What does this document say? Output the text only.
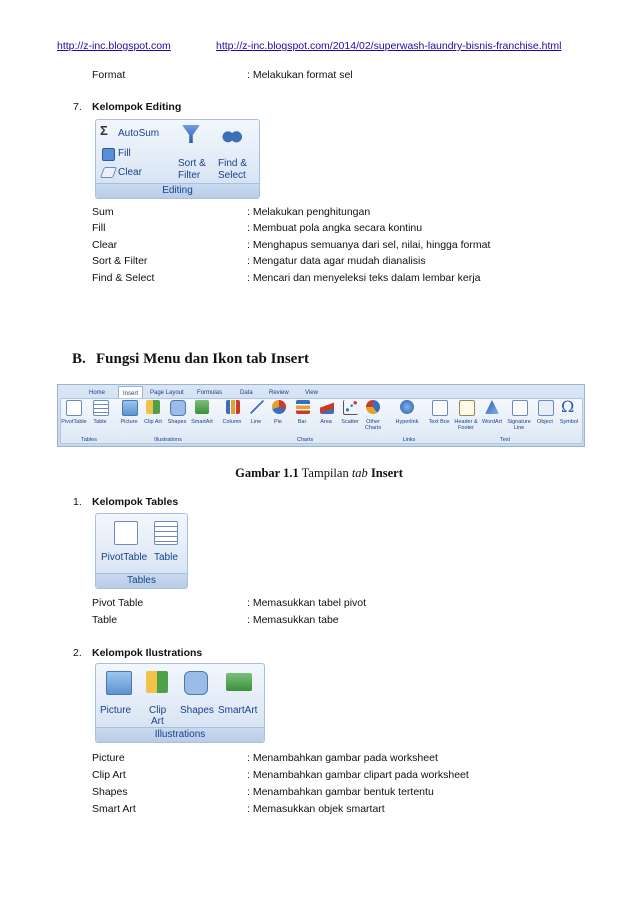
http://z-inc.blogspot.com	http://z-inc.blogspot.com/2014/02/superwash-laundry-bisnis-franchise.html
Format	: Melakukan format sel
7. Kelompok Editing
Σ AutoSum
Fill
Clear
Sort &
Filter
Find &
Select
Editing
Sum	: Melakukan penghitungan
Fill	: Membuat pola angka secara kontinu
Clear	: Menghapus semuanya dari sel, nilai, hingga format
Sort & Filter	: Mengatur data agar mudah dianalisis
Find & Select	: Mencari dan menyeleksi teks dalam lembar kerja
B. Fungsi Menu dan Ikon tab Insert
Home	Insert	Page Layout Formulas	Data	Review	View
PivotTable	Table	Picture	Clip Art	Shapes SmartArt	Column	Line	Pie	Bar	Area	Scatter	Other Charts
Hyperlink	Text Box Header & Footer
WordArt Signature Line
Object
Ω
Symbol
Tables	Illustrations	Charts	Links	Text
Gambar 1.1 Tampilan tab Insert
1. Kelompok Tables
PivotTable Table
Tables
Pivot Table	: Memasukkan tabel pivot
Table	: Memasukkan tabe
2. Kelompok Ilustrations
Picture Clip
Art
Shapes SmartArt
Illustrations
Picture	: Menambahkan gambar pada worksheet
Clip Art	: Menambahkan gambar clipart pada worksheet
Shapes	: Menambahkan gambar bentuk tertentu
Smart Art	: Memasukkan objek smartart
